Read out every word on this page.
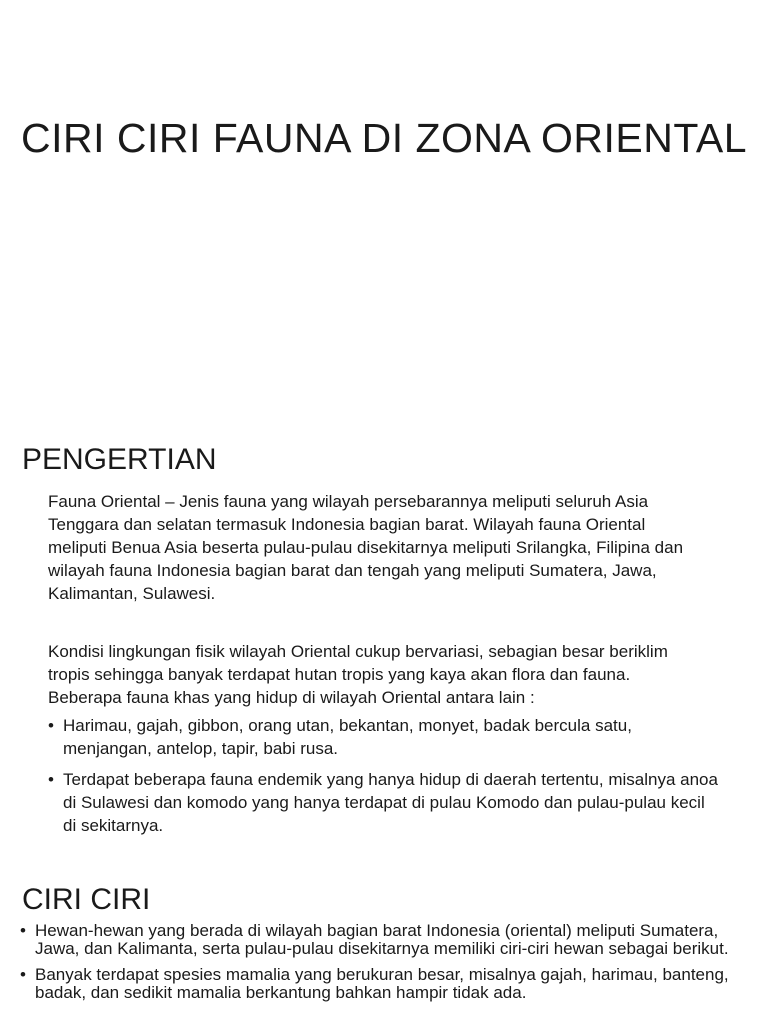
CIRI CIRI FAUNA DI ZONA ORIENTAL
PENGERTIAN
Fauna Oriental – Jenis fauna yang wilayah persebarannya meliputi seluruh Asia Tenggara dan selatan termasuk Indonesia bagian barat. Wilayah fauna Oriental meliputi Benua Asia beserta pulau-pulau disekitarnya meliputi Srilangka, Filipina dan wilayah fauna Indonesia bagian barat dan tengah yang meliputi Sumatera, Jawa, Kalimantan, Sulawesi.
Kondisi lingkungan fisik wilayah Oriental cukup bervariasi, sebagian besar beriklim tropis sehingga banyak terdapat hutan tropis yang kaya akan flora dan fauna. Beberapa fauna khas yang hidup di wilayah Oriental antara lain :
• Harimau, gajah, gibbon, orang utan, bekantan, monyet, badak bercula satu, menjangan, antelop, tapir, babi rusa.
• Terdapat beberapa fauna endemik yang hanya hidup di daerah tertentu, misalnya anoa di Sulawesi dan komodo yang hanya terdapat di pulau Komodo dan pulau-pulau kecil di sekitarnya.
CIRI CIRI
• Hewan-hewan yang berada di wilayah bagian barat Indonesia (oriental) meliputi Sumatera, Jawa, dan Kalimanta, serta pulau-pulau disekitarnya memiliki ciri-ciri hewan sebagai berikut.
• Banyak terdapat spesies mamalia yang berukuran besar, misalnya gajah, harimau, banteng, badak, dan sedikit mamalia berkantung bahkan hampir tidak ada.
